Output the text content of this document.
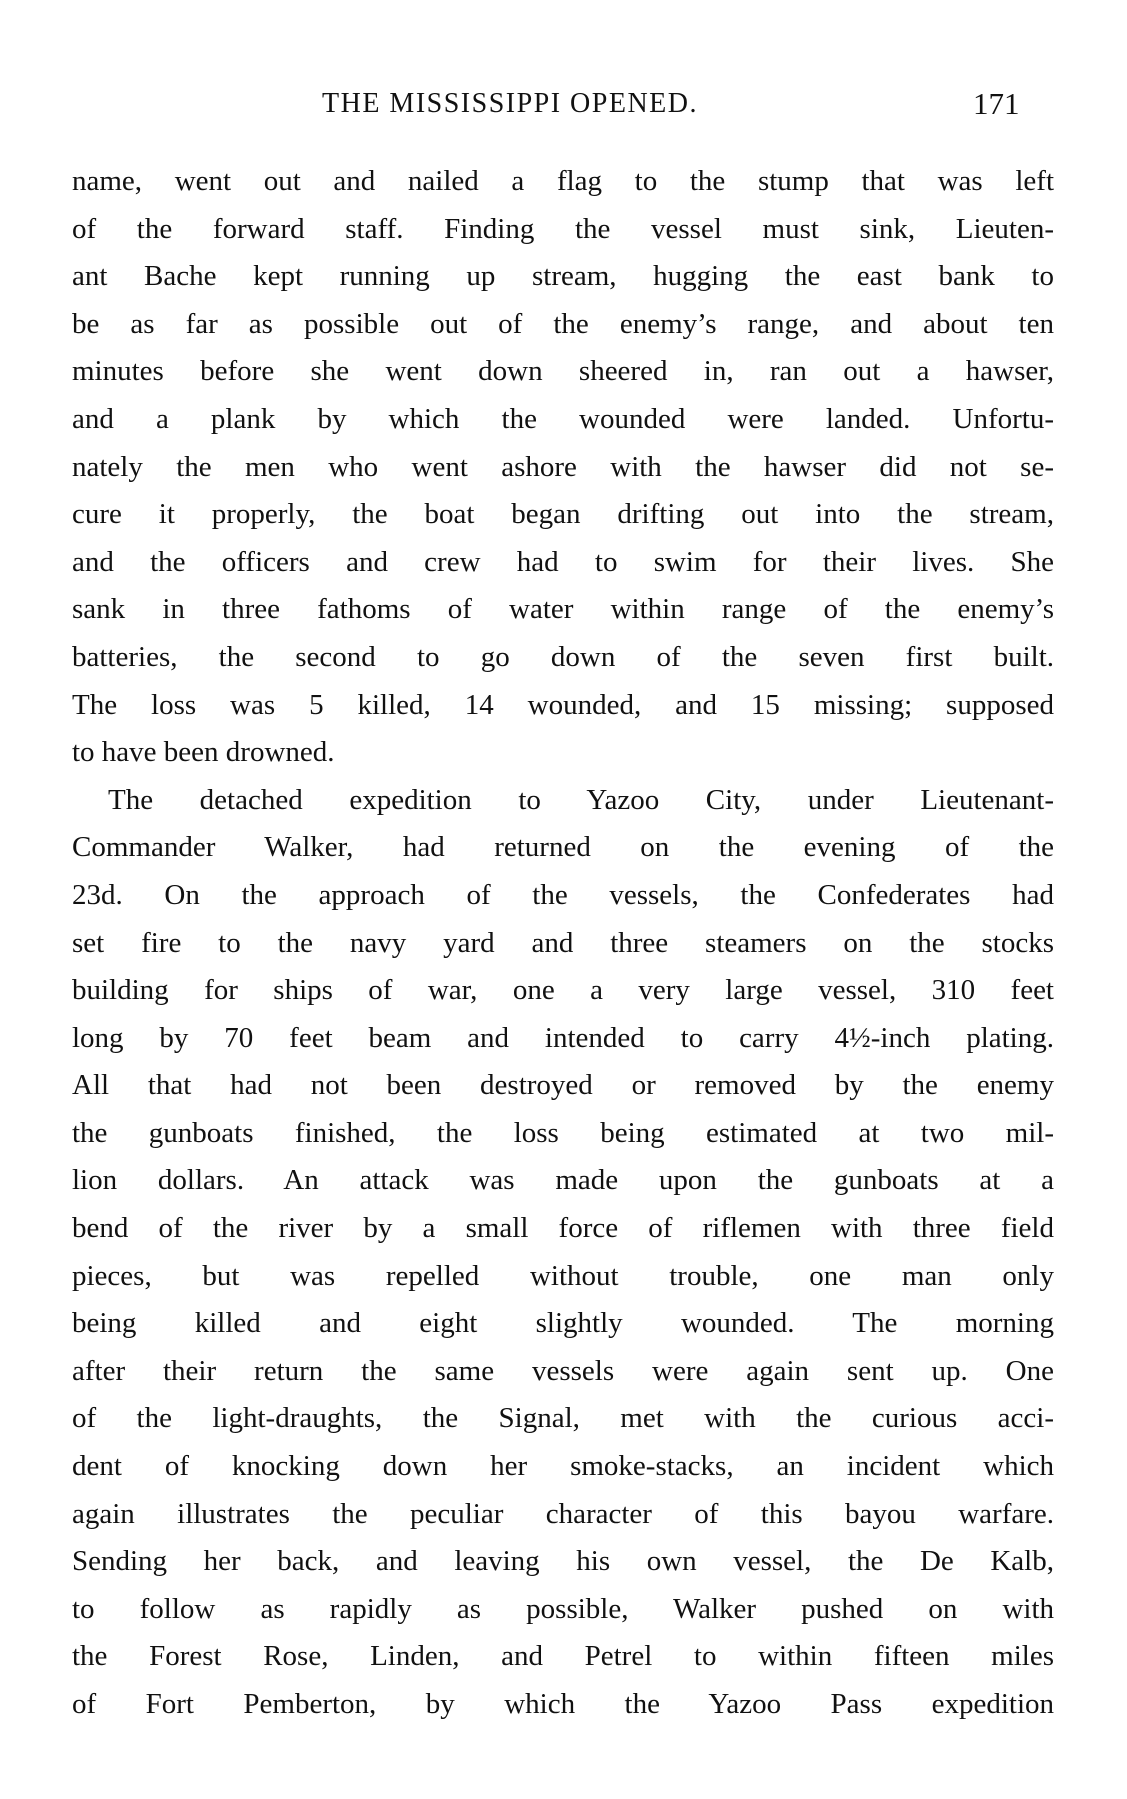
THE MISSISSIPPI OPENED.	171
name, went out and nailed a flag to the stump that was left
of the forward staff. Finding the vessel must sink, Lieuten-
ant Bache kept running up stream, hugging the east bank to
be as far as possible out of the enemy’s range, and about ten
minutes before she went down sheered in, ran out a hawser,
and a plank by which the wounded were landed. Unfortu-
nately the men who went ashore with the hawser did not se-
cure it properly, the boat began drifting out into the stream,
and the officers and crew had to swim for their lives. She
sank in three fathoms of water within range of the enemy’s
batteries, the second to go down of the seven first built.
The loss was 5 killed, 14 wounded, and 15 missing; supposed
to have been drowned.
The detached expedition to Yazoo City, under Lieutenant-
Commander Walker, had returned on the evening of the
23d. On the approach of the vessels, the Confederates had
set fire to the navy yard and three steamers on the stocks
building for ships of war, one a very large vessel, 310 feet
long by 70 feet beam and intended to carry 4½-inch plating.
All that had not been destroyed or removed by the enemy
the gunboats finished, the loss being estimated at two mil-
lion dollars. An attack was made upon the gunboats at a
bend of the river by a small force of riflemen with three field
pieces, but was repelled without trouble, one man only
being killed and eight slightly wounded. The morning
after their return the same vessels were again sent up. One
of the light-draughts, the Signal, met with the curious acci-
dent of knocking down her smoke-stacks, an incident which
again illustrates the peculiar character of this bayou warfare.
Sending her back, and leaving his own vessel, the De Kalb,
to follow as rapidly as possible, Walker pushed on with
the Forest Rose, Linden, and Petrel to within fifteen miles
of Fort Pemberton, by which the Yazoo Pass expedition
